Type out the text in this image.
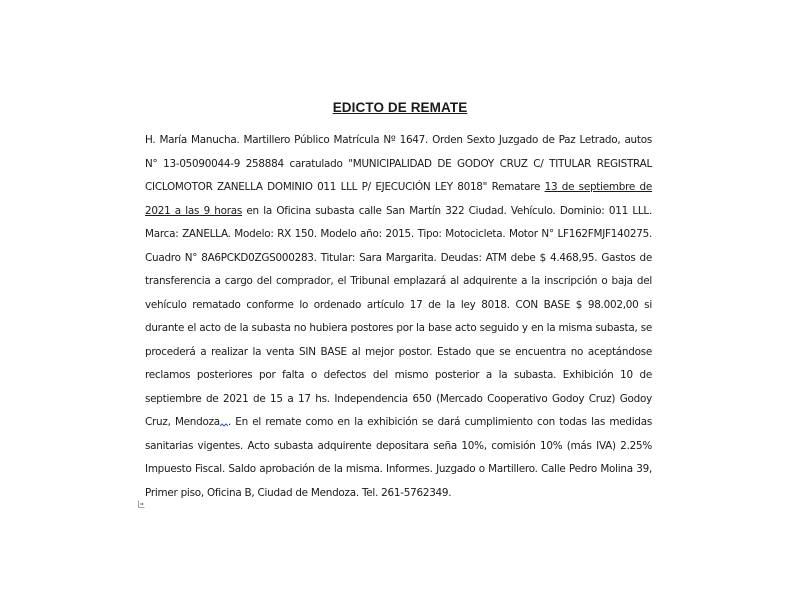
EDICTO DE REMATE
H. María Manucha. Martillero Público Matrícula Nº 1647. Orden Sexto Juzgado de Paz Letrado, autos N° 13-05090044-9 258884 caratulado "MUNICIPALIDAD DE GODOY CRUZ C/ TITULAR REGISTRAL CICLOMOTOR ZANELLA DOMINIO 011 LLL P/ EJECUCIÓN LEY 8018" Rematare 13 de septiembre de 2021 a las 9 horas en la Oficina subasta calle San Martín 322 Ciudad. Vehículo. Dominio: 011 LLL. Marca: ZANELLA. Modelo: RX 150. Modelo año: 2015. Tipo: Motocicleta. Motor N° LF162FMJF140275. Cuadro N° 8A6PCKD0ZGS000283. Titular: Sara Margarita. Deudas: ATM debe $ 4.468,95. Gastos de transferencia a cargo del comprador, el Tribunal emplazará al adquirente a la inscripción o baja del vehículo rematado conforme lo ordenado artículo 17 de la ley 8018. CON BASE $ 98.002,00 si durante el acto de la subasta no hubiera postores por la base acto seguido y en la misma subasta, se procederá a realizar la venta SIN BASE al mejor postor. Estado que se encuentra no aceptándose reclamos posteriores por falta o defectos del mismo posterior a la subasta. Exhibición 10 de septiembre de 2021 de 15 a 17 hs. Independencia 650 (Mercado Cooperativo Godoy Cruz) Godoy Cruz, Mendoza . En el remate como en la exhibición se dará cumplimiento con todas las medidas sanitarias vigentes. Acto subasta adquirente depositara seña 10%, comisión 10% (más IVA) 2.25% Impuesto Fiscal. Saldo aprobación de la misma. Informes. Juzgado o Martillero. Calle Pedro Molina 39, Primer piso, Oficina B, Ciudad de Mendoza. Tel. 261-5762349.
